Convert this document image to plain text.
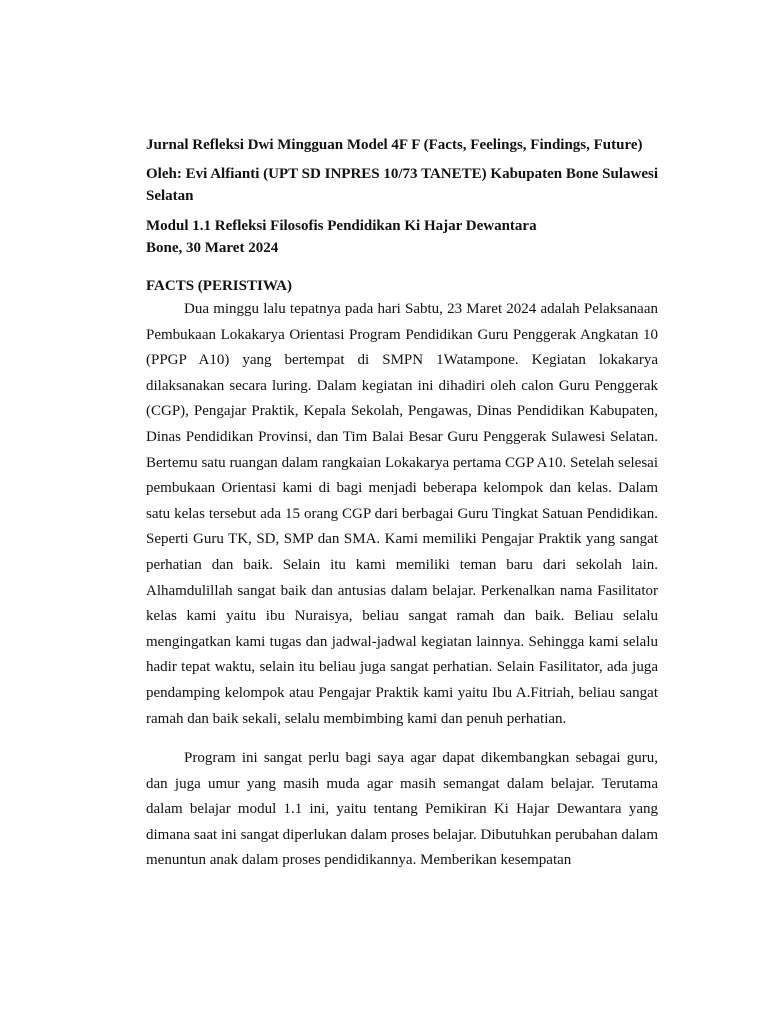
Jurnal Refleksi Dwi Mingguan Model 4F F (Facts, Feelings, Findings, Future)

Oleh: Evi Alfianti (UPT SD INPRES 10/73 TANETE) Kabupaten Bone Sulawesi Selatan

Modul 1.1 Refleksi Filosofis Pendidikan Ki Hajar Dewantara

Bone, 30 Maret 2024

FACTS (PERISTIWA)

Dua minggu lalu tepatnya pada hari Sabtu, 23 Maret 2024 adalah Pelaksanaan Pembukaan Lokakarya Orientasi Program Pendidikan Guru Penggerak Angkatan 10 (PPGP A10) yang bertempat di SMPN 1Watampone. Kegiatan lokakarya dilaksanakan secara luring. Dalam kegiatan ini dihadiri oleh calon Guru Penggerak (CGP), Pengajar Praktik, Kepala Sekolah, Pengawas, Dinas Pendidikan Kabupaten, Dinas Pendidikan Provinsi, dan Tim Balai Besar Guru Penggerak Sulawesi Selatan. Bertemu satu ruangan dalam rangkaian Lokakarya pertama CGP A10. Setelah selesai pembukaan Orientasi kami di bagi menjadi beberapa kelompok dan kelas. Dalam satu kelas tersebut ada 15 orang CGP dari berbagai Guru Tingkat Satuan Pendidikan. Seperti Guru TK, SD, SMP dan SMA. Kami memiliki Pengajar Praktik yang sangat perhatian dan baik. Selain itu kami memiliki teman baru dari sekolah lain. Alhamdulillah sangat baik dan antusias dalam belajar. Perkenalkan nama Fasilitator kelas kami yaitu ibu Nuraisya, beliau sangat ramah dan baik. Beliau selalu mengingatkan kami tugas dan jadwal-jadwal kegiatan lainnya. Sehingga kami selalu hadir tepat waktu, selain itu beliau juga sangat perhatian. Selain Fasilitator, ada juga pendamping kelompok atau Pengajar Praktik kami yaitu Ibu A.Fitriah, beliau sangat ramah dan baik sekali, selalu membimbing kami dan penuh perhatian.

Program ini sangat perlu bagi saya agar dapat dikembangkan sebagai guru, dan juga umur yang masih muda agar masih semangat dalam belajar. Terutama dalam belajar modul 1.1 ini, yaitu tentang Pemikiran Ki Hajar Dewantara yang dimana saat ini sangat diperlukan dalam proses belajar. Dibutuhkan perubahan dalam menuntun anak dalam proses pendidikannya. Memberikan kesempatan
